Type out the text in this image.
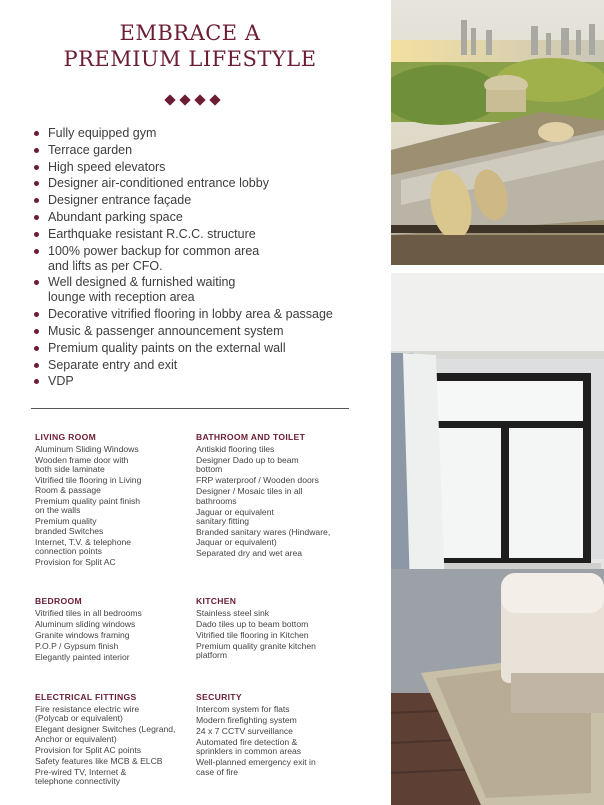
EMBRACE A
PREMIUM LIFESTYLE
Fully equipped gym
Terrace garden
High speed elevators
Designer air-conditioned entrance lobby
Designer entrance façade
Abundant parking space
Earthquake resistant R.C.C. structure
100% power backup for common area and lifts as per CFO.
Well designed & furnished waiting lounge with reception area
Decorative vitrified flooring in lobby area & passage
Music & passenger announcement system
Premium quality paints on the external wall
Separate entry and exit
VDP
LIVING ROOM

Aluminum Sliding Windows

Wooden frame door with both side laminate

Vitrified tile flooring in Living Room & passage

Premium quality paint finish on the walls

Premium quality branded Switches

Internet, T.V. & telephone connection points

Provision for Split AC

BATHROOM AND TOILET

Antiskid flooring tiles

Designer Dado up to beam bottom

FRP waterproof / Wooden doors

Designer / Mosaic tiles in all bathrooms

Jaguar or equivalent sanitary fitting

Branded sanitary wares (Hindware, Jaquar or equivalent)

Separated dry and wet area

BEDROOM

Vitrified tiles in all bedrooms

Aluminum sliding windows

Granite windows framing

P.O.P / Gypsum finish

Elegantly painted interior

KITCHEN

Stainless steel sink

Dado tiles up to beam bottom

Vitrified tile flooring in Kitchen

Premium quality granite kitchen platform

ELECTRICAL FITTINGS

Fire resistance electric wire (Polycab or equivalent)

Elegant designer Switches (Legrand, Anchor or equivalent)

Provision for Split AC points

Safety features like MCB & ELCB

Pre-wired TV, Internet & telephone connectivity

SECURITY

Intercom system for flats

Modern firefighting system

24 x 7 CCTV surveillance

Automated fire detection & sprinklers in common areas

Well-planned emergency exit in case of fire
